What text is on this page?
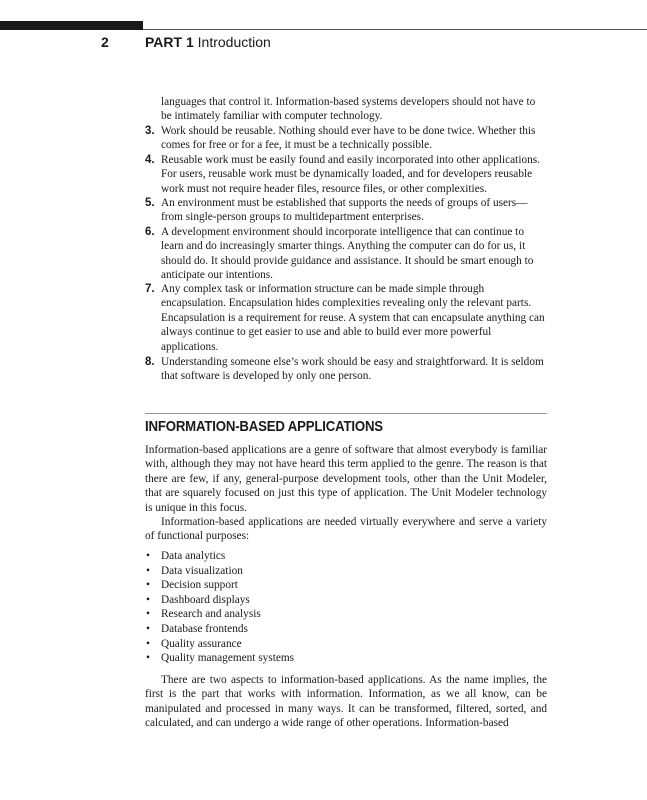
2	PART 1 Introduction
languages that control it. Information-based systems developers should not have to be intimately familiar with computer technology.
3. Work should be reusable. Nothing should ever have to be done twice. Whether this comes for free or for a fee, it must be a technically possible.
4. Reusable work must be easily found and easily incorporated into other applications. For users, reusable work must be dynamically loaded, and for developers reusable work must not require header files, resource files, or other complexities.
5. An environment must be established that supports the needs of groups of users—from single-person groups to multidepartment enterprises.
6. A development environment should incorporate intelligence that can continue to learn and do increasingly smarter things. Anything the computer can do for us, it should do. It should provide guidance and assistance. It should be smart enough to anticipate our intentions.
7. Any complex task or information structure can be made simple through encapsulation. Encapsulation hides complexities revealing only the relevant parts. Encapsulation is a requirement for reuse. A system that can encapsulate anything can always continue to get easier to use and able to build ever more powerful applications.
8. Understanding someone else’s work should be easy and straightforward. It is seldom that software is developed by only one person.
INFORMATION-BASED APPLICATIONS

Information-based applications are a genre of software that almost everybody is familiar with, although they may not have heard this term applied to the genre. The reason is that there are few, if any, general-purpose development tools, other than the Unit Modeler, that are squarely focused on just this type of application. The Unit Modeler technology is unique in this focus.

Information-based applications are needed virtually everywhere and serve a variety of functional purposes:

• Data analytics
• Data visualization
• Decision support
• Dashboard displays
• Research and analysis
• Database frontends
• Quality assurance
• Quality management systems

There are two aspects to information-based applications. As the name implies, the first is the part that works with information. Information, as we all know, can be manipulated and processed in many ways. It can be transformed, filtered, sorted, and calculated, and can undergo a wide range of other operations. Information-based
